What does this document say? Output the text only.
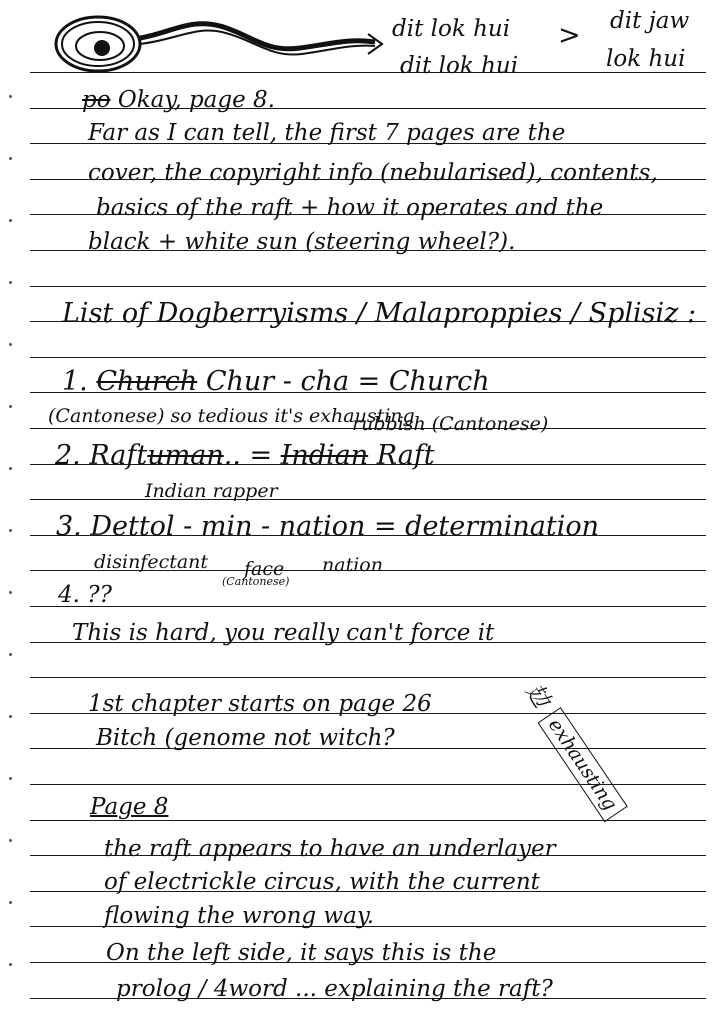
dit lok hui
dit lok hui
> dit jaw
lok hui
po Okay, page 8.
Far as I can tell, the first 7 pages are the
cover, the copyright info (nebularised), contents,
basics of the raft + how it operates and the
black + white sun (steering wheel?).
List of Dogberryisms / Malaproppies / Splisiz :
1. Church Chur - cha = Church
(Cantonese) so tedious it's exhausting
rubbish (Cantonese)
2. Raftuman.. = Indian Raft
Indian rapper
3. Dettol - min - nation = determination
disinfectant face
(Cantonese)
nation
4. ??
This is hard, you really can't force it
1st chapter starts on page 26
Bitch (genome not witch?
攰 exhausting
Page 8
the raft appears to have an underlayer
of electrickle circus, with the current
flowing the wrong way.
On the left side, it says this is the
prolog / 4word ... explaining the raft?
